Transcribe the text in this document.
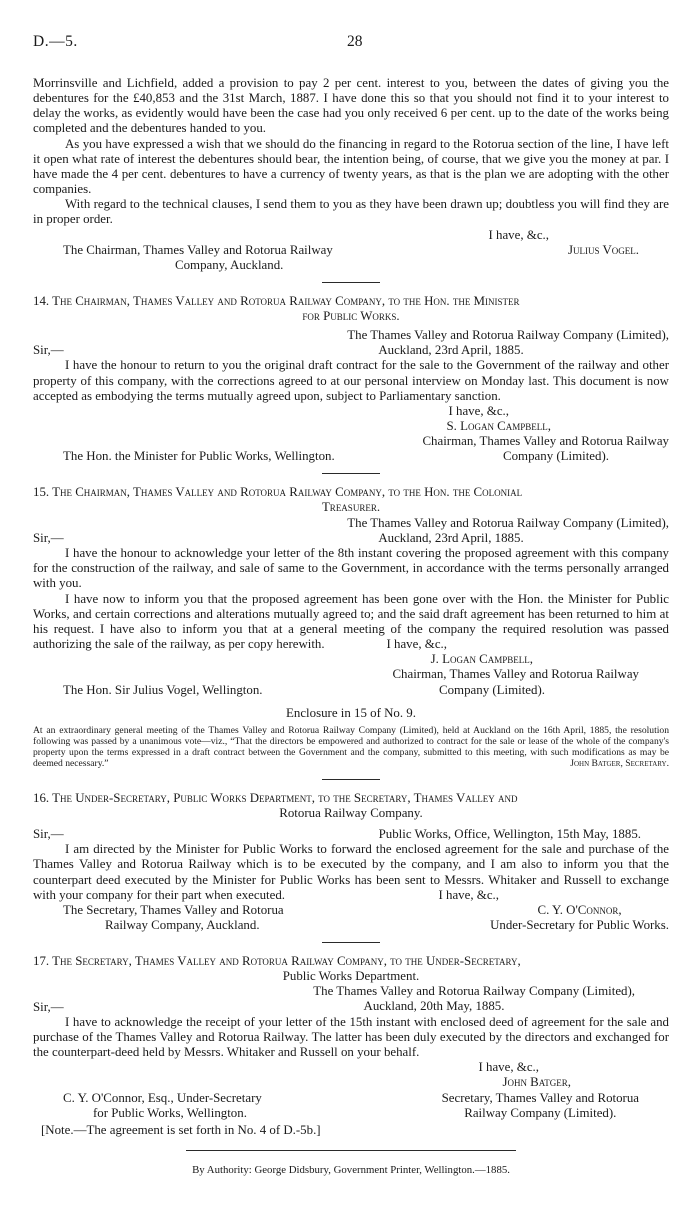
D.—5.	28

Morrinsville and Lichfield, added a provision to pay 2 per cent. interest to you, between the dates of giving you the debentures for the £40,853 and the 31st March, 1887. I have done this so that you should not find it to your interest to delay the works, as evidently would have been the case had you only received 6 per cent. up to the date of the works being completed and the debentures handed to you.

As you have expressed a wish that we should do the financing in regard to the Rotorua section of the line, I have left it open what rate of interest the debentures should bear, the intention being, of course, that we give you the money at par. I have made the 4 per cent. debentures to have a currency of twenty years, as that is the plan we are adopting with the other companies.

With regard to the technical clauses, I send them to you as they have been drawn up; doubtless you will find they are in proper order.

I have, &c.,
The Chairman, Thames Valley and Rotorua Railway
Company, Auckland.
Julius Vogel.

14. The Chairman, Thames Valley and Rotorua Railway Company, to the Hon. the Minister
for Public Works.

The Thames Valley and Rotorua Railway Company (Limited),
Auckland, 23rd April, 1885.

Sir,—

I have the honour to return to you the original draft contract for the sale to the Government of the railway and other property of this company, with the corrections agreed to at our personal interview on Monday last. This document is now accepted as embodying the terms mutually agreed upon, subject to Parliamentary sanction.

I have, &c.,
S. Logan Campbell,
Chairman, Thames Valley and Rotorua Railway
The Hon. the Minister for Public Works, Wellington.	Company (Limited).

15. The Chairman, Thames Valley and Rotorua Railway Company, to the Hon. the Colonial
Treasurer.

The Thames Valley and Rotorua Railway Company (Limited),
Auckland, 23rd April, 1885.

Sir,—

I have the honour to acknowledge your letter of the 8th instant covering the proposed agreement with this company for the construction of the railway, and sale of same to the Government, in accordance with the terms personally arranged with you.

I have now to inform you that the proposed agreement has been gone over with the Hon. the Minister for Public Works, and certain corrections and alterations mutually agreed to; and the said draft agreement has been returned to him at his request. I have also to inform you that at a general meeting of the company the required resolution was passed authorizing the sale of the railway, as per copy herewith.	I have, &c.,
J. Logan Campbell,
Chairman, Thames Valley and Rotorua Railway
The Hon. Sir Julius Vogel, Wellington.	Company (Limited).
Enclosure in 15 of No. 9.

At an extraordinary general meeting of the Thames Valley and Rotorua Railway Company (Limited), held at Auckland on the 16th April, 1885, the resolution following was passed by a unanimous vote—viz., “That the directors be empowered and authorized to contract for the sale or lease of the whole of the company's property upon the terms expressed in a draft contract between the Government and the company, submitted to this meeting, with such modifications as may be deemed necessary.”	John Batger, Secretary.

16. The Under-Secretary, Public Works Department, to the Secretary, Thames Valley and
Rotorua Railway Company.

Public Works, Office, Wellington, 15th May, 1885.

Sir,—

I am directed by the Minister for Public Works to forward the enclosed agreement for the sale and purchase of the Thames Valley and Rotorua Railway which is to be executed by the company, and I am also to inform you that the counterpart deed executed by the Minister for Public Works has been sent to Messrs. Whitaker and Russell to exchange with your company for their part when executed.	I have, &c.,
The Secretary, Thames Valley and Rotorua
Railway Company, Auckland.
C. Y. O'Connor,
Under-Secretary for Public Works.

17. The Secretary, Thames Valley and Rotorua Railway Company, to the Under-Secretary,
Public Works Department.

The Thames Valley and Rotorua Railway Company (Limited),
Auckland, 20th May, 1885.

Sir,—

I have to acknowledge the receipt of your letter of the 15th instant with enclosed deed of agreement for the sale and purchase of the Thames Valley and Rotorua Railway. The latter has been duly executed by the directors and exchanged for the counterpart-deed held by Messrs. Whitaker and Russell on your behalf.

I have, &c.,
John Batger,
C. Y. O'Connor, Esq., Under-Secretary
for Public Works, Wellington.
Secretary, Thames Valley and Rotorua
Railway Company (Limited).

[Note.—The agreement is set forth in No. 4 of D.-5b.]

By Authority: George Didsbury, Government Printer, Wellington.—1885.
